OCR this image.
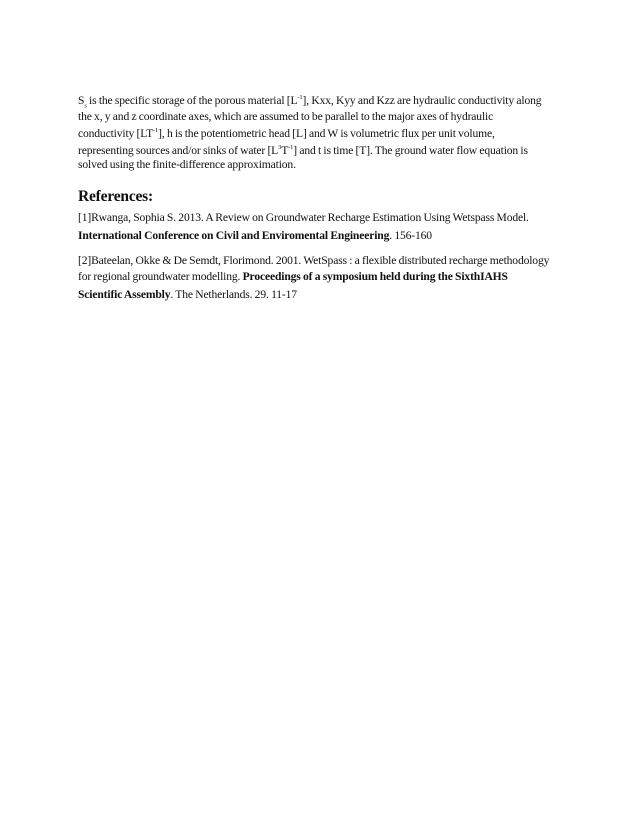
$S_s$ is the specific storage of the porous material $[L^{-1}]$, Kxx, Kyy and Kzz are hydraulic conductivity along
the x, y and z coordinate axes, which are assumed to be parallel to the major axes of hydraulic
conductivity $[LT^{-1}]$, h is the potentiometric head [L] and W is volumetric flux per unit volume,
representing sources and/or sinks of water $[L^3T^{-1}]$ and t is time [T]. The ground water flow equation is
solved using the finite-difference approximation.
References:
[1]Rwanga, Sophia S. 2013. A Review on Groundwater Recharge Estimation Using Wetspass Model.
International Conference on Civil and Enviromental Engineering. 156-160
[2]Bateelan, Okke & De Semdt, Florimond. 2001. WetSpass : a flexible distributed recharge methodology
for regional groundwater modelling. Proceedings of a symposium held during the SixthIAHS
Scientific Assembly. The Netherlands. 29. 11-17
